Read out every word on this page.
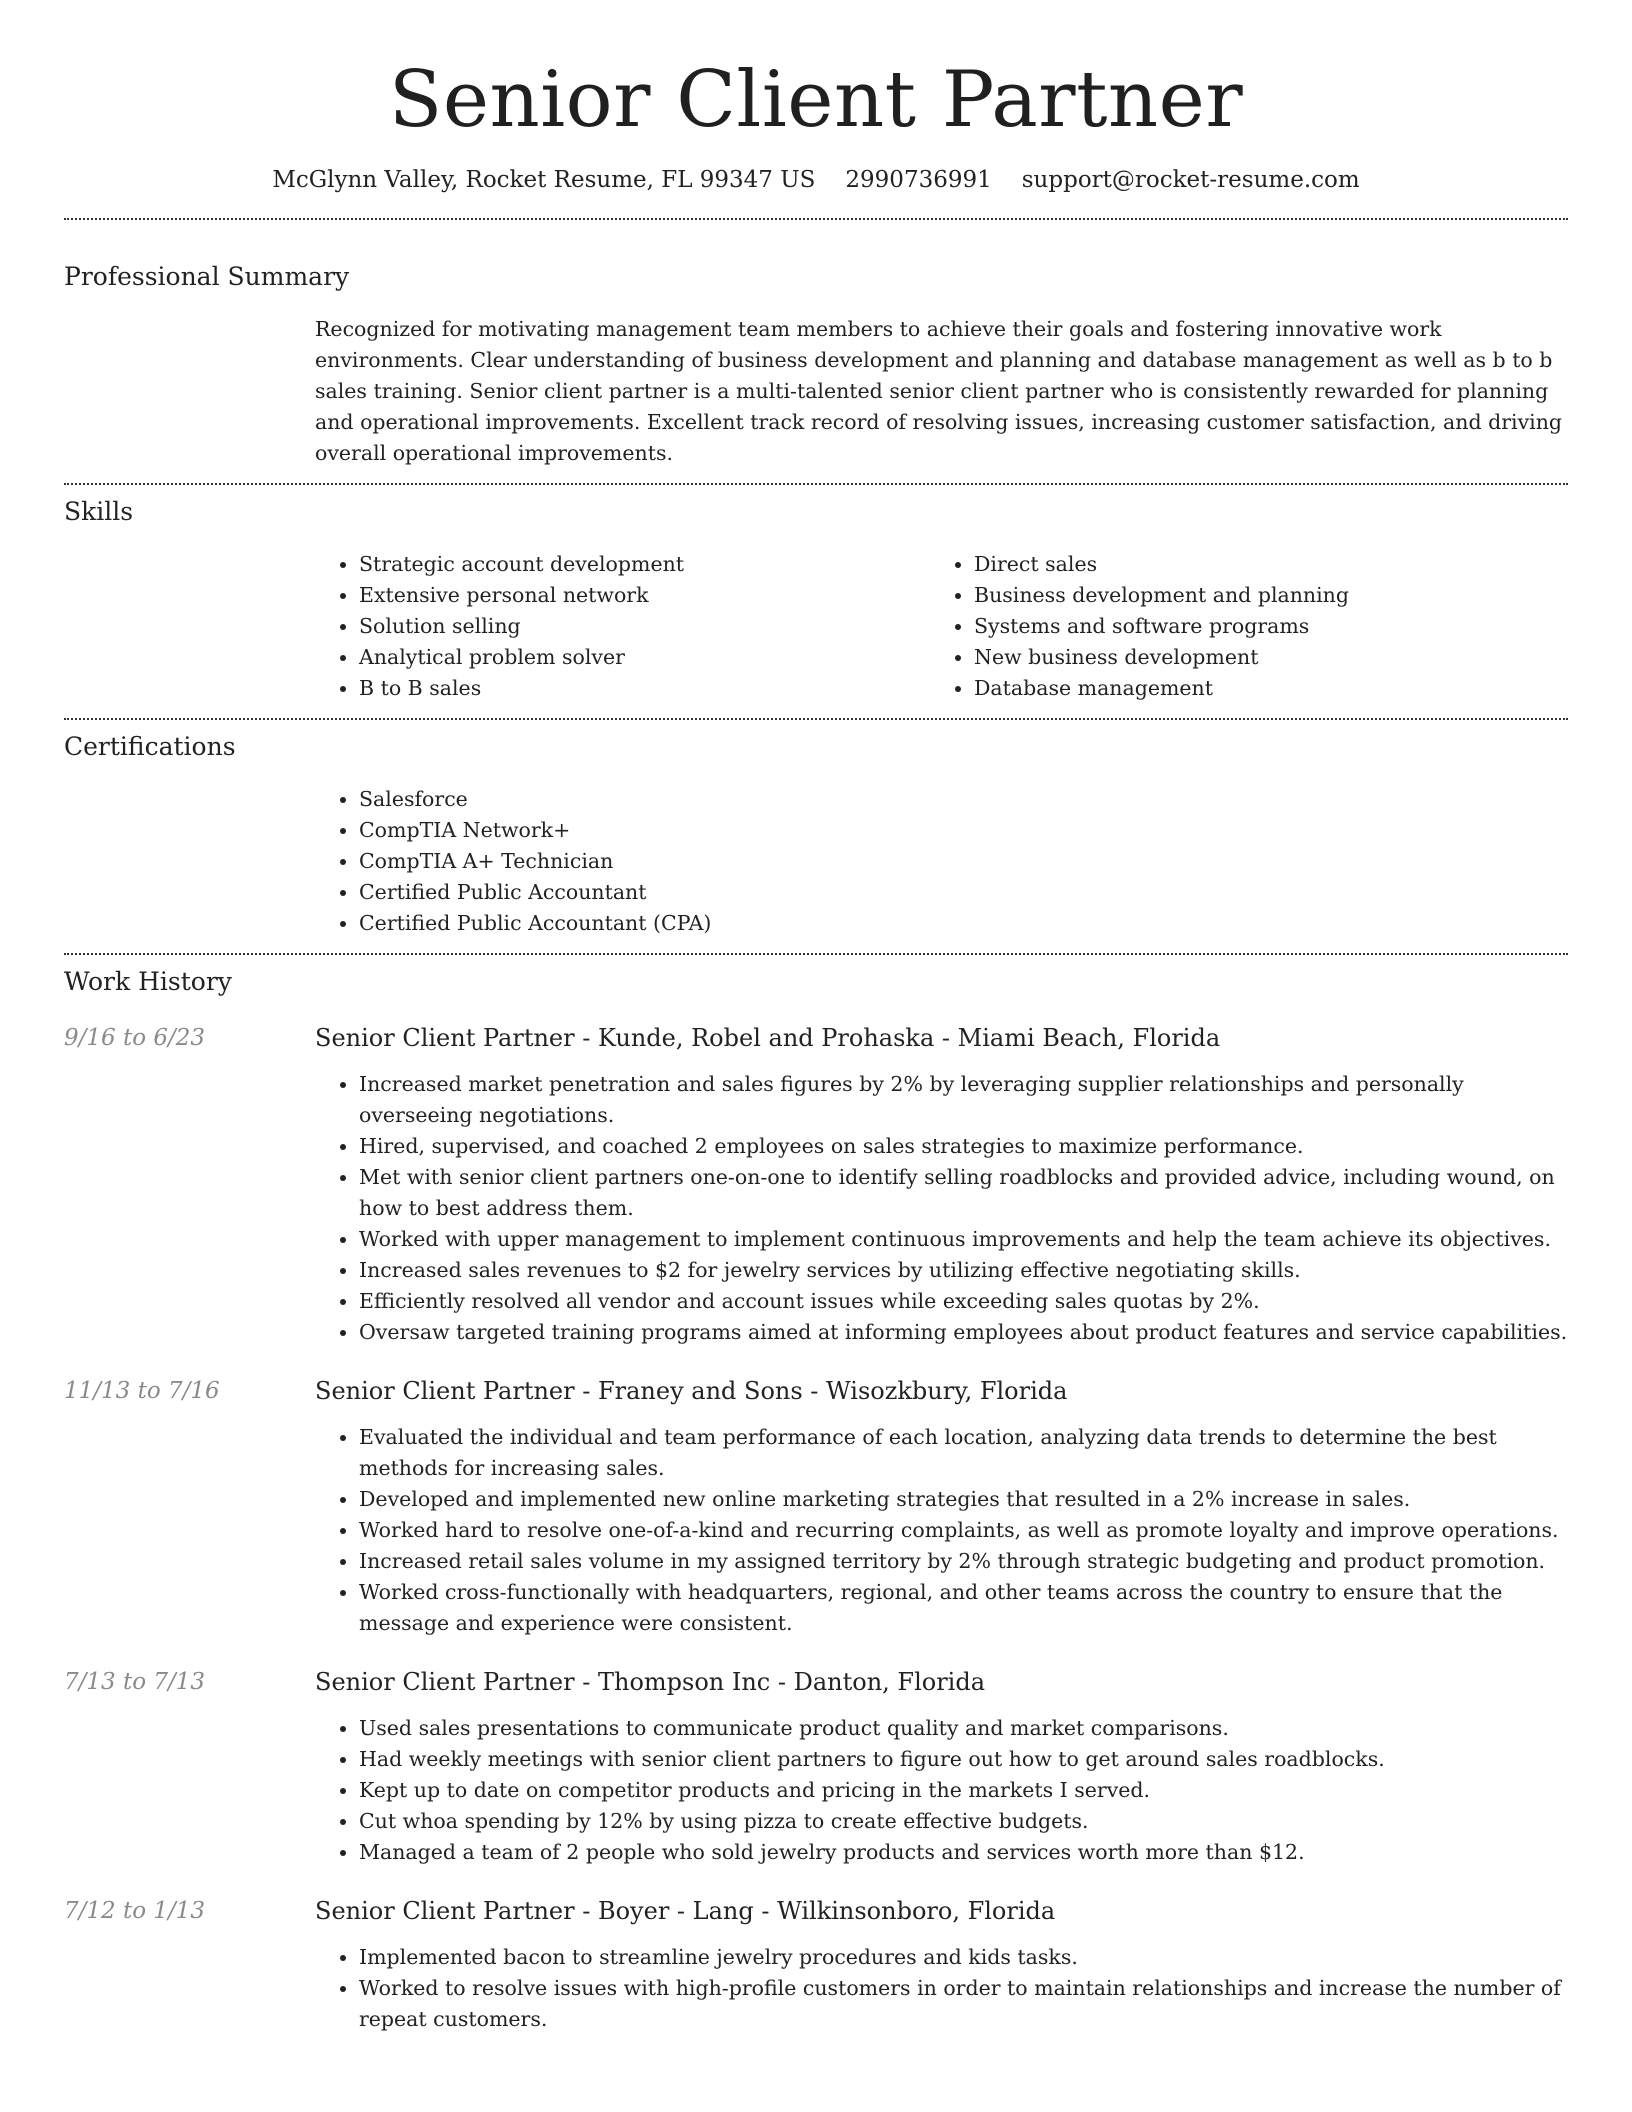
Senior Client Partner
McGlynn Valley, Rocket Resume, FL 99347 US 2990736991 support@rocket-resume.com
Professional Summary
Recognized for motivating management team members to achieve their goals and fostering innovative work environments. Clear understanding of business development and planning and database management as well as b to b sales training. Senior client partner is a multi-talented senior client partner who is consistently rewarded for planning and operational improvements. Excellent track record of resolving issues, increasing customer satisfaction, and driving overall operational improvements.
Skills
• Strategic account development
• Extensive personal network
• Solution selling
• Analytical problem solver
• B to B sales
• Direct sales
• Business development and planning
• Systems and software programs
• New business development
• Database management
Certifications
• Salesforce
• CompTIA Network+
• CompTIA A+ Technician
• Certified Public Accountant
• Certified Public Accountant (CPA)
Work History
9/16 to 6/23	Senior Client Partner - Kunde, Robel and Prohaska - Miami Beach, Florida
• Increased market penetration and sales figures by 2% by leveraging supplier relationships and personally overseeing negotiations.
• Hired, supervised, and coached 2 employees on sales strategies to maximize performance.
• Met with senior client partners one-on-one to identify selling roadblocks and provided advice, including wound, on how to best address them.
• Worked with upper management to implement continuous improvements and help the team achieve its objectives.
• Increased sales revenues to $2 for jewelry services by utilizing effective negotiating skills.
• Efficiently resolved all vendor and account issues while exceeding sales quotas by 2%.
• Oversaw targeted training programs aimed at informing employees about product features and service capabilities.
11/13 to 7/16	Senior Client Partner - Franey and Sons - Wisozkbury, Florida
• Evaluated the individual and team performance of each location, analyzing data trends to determine the best methods for increasing sales.
• Developed and implemented new online marketing strategies that resulted in a 2% increase in sales.
• Worked hard to resolve one-of-a-kind and recurring complaints, as well as promote loyalty and improve operations.
• Increased retail sales volume in my assigned territory by 2% through strategic budgeting and product promotion.
• Worked cross-functionally with headquarters, regional, and other teams across the country to ensure that the message and experience were consistent.
7/13 to 7/13	Senior Client Partner - Thompson Inc - Danton, Florida
• Used sales presentations to communicate product quality and market comparisons.
• Had weekly meetings with senior client partners to figure out how to get around sales roadblocks.
• Kept up to date on competitor products and pricing in the markets I served.
• Cut whoa spending by 12% by using pizza to create effective budgets.
• Managed a team of 2 people who sold jewelry products and services worth more than $12.
7/12 to 1/13	Senior Client Partner - Boyer - Lang - Wilkinsonboro, Florida
• Implemented bacon to streamline jewelry procedures and kids tasks.
• Worked to resolve issues with high-profile customers in order to maintain relationships and increase the number of repeat customers.
